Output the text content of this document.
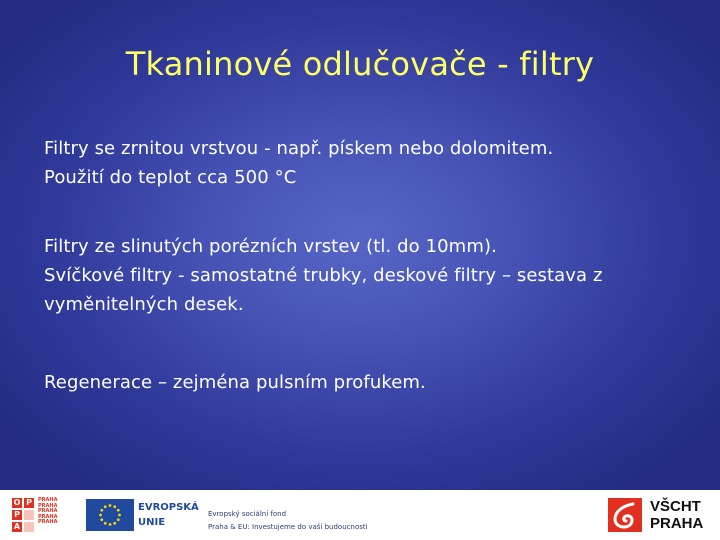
Tkaninové odlučovače - filtry
Filtry se zrnitou vrstvou - např. pískem nebo dolomitem.
Použití do teplot cca 500 °C
Filtry ze slinutých porézních vrstev (tl. do 10mm).
Svíčkové filtry - samostatné trubky, deskové filtry – sestava z vyměnitelných desek.
Regenerace – zejména pulsním profukem.
O P
P
A
PRAHA
PRAHA
PRAHA
PRAHA
PRAHA
EVROPSKÁ
UNIE
Evropský sociální fond
Praha & EU: Investujeme do vaší budoucnosti
VŠCHT
PRAHA
